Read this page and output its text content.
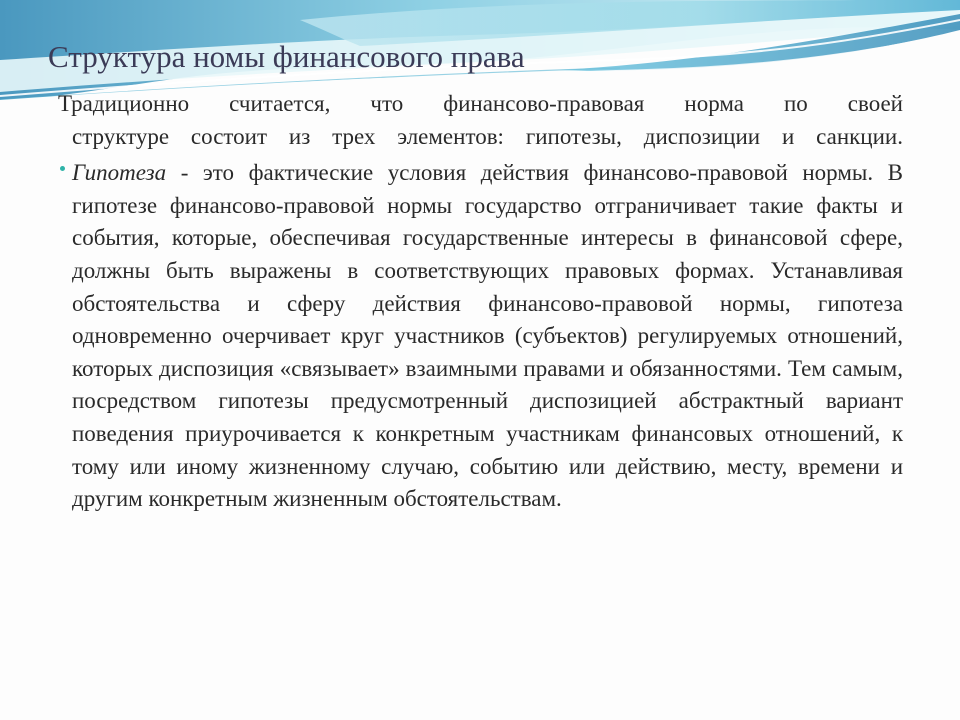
Структура номы финансового права

Традиционно считается, что финансово-правовая норма по своей
структуре состоит из трех элементов: гипотезы, диспозиции и санкции.

Гипотеза - это фактические условия действия финансово-правовой нормы. В гипотезе финансово-правовой нормы государство отграничивает такие факты и события, которые, обеспечивая государственные интересы в финансовой сфере, должны быть выражены в соответствующих правовых формах. Устанавливая обстоятельства и сферу действия финансово-правовой нормы, гипотеза одновременно очерчивает круг участников (субъектов) регулируемых отношений, которых диспозиция «связывает» взаимными правами и обязанностями. Тем самым, посредством гипотезы предусмотренный диспозицией абстрактный вариант поведения приурочивается к конкретным участникам финансовых отношений, к тому или иному жизненному случаю, событию или действию, месту, времени и другим конкретным жизненным обстоятельствам.
